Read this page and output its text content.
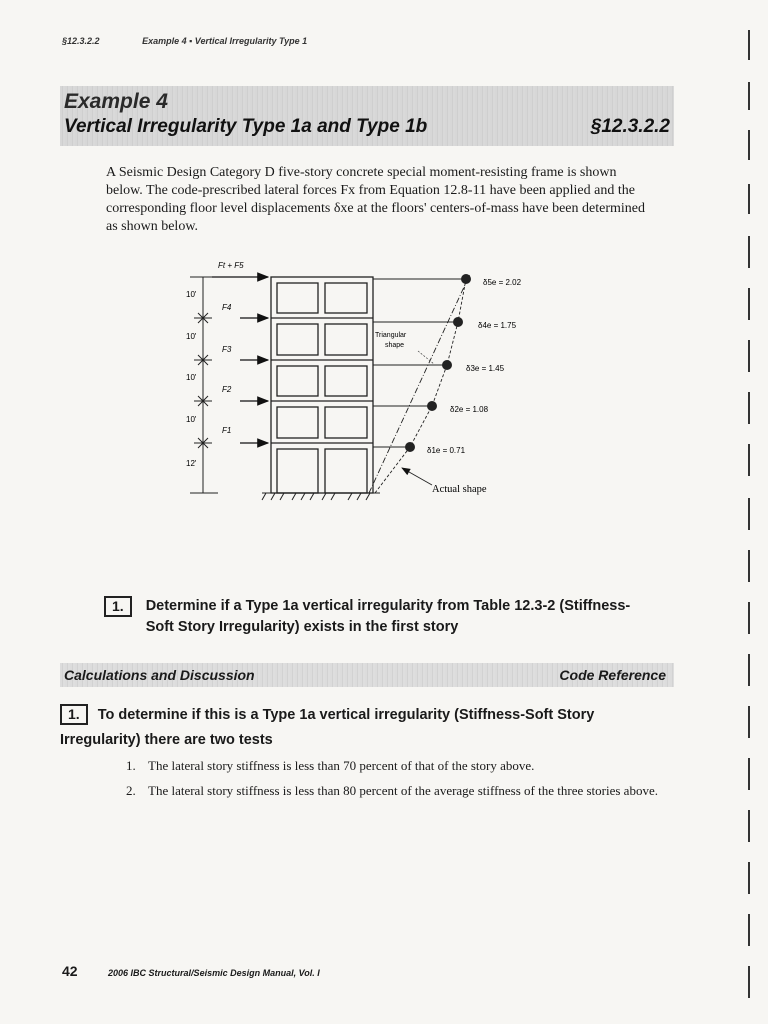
§12.3.2.2	Example 4 ▪ Vertical Irregularity Type 1
Example 4
Vertical Irregularity Type 1a and Type 1b	§12.3.2.2
A Seismic Design Category D five-story concrete special moment-resisting frame is shown below. The code-prescribed lateral forces Fx from Equation 12.8-11 have been applied and the corresponding floor level displacements δxe at the floors' centers-of-mass have been determined as shown below.
10'
10'
10'
10'
12'
Ft + F5
F4
F3
F2
F1
δ5e = 2.02
δ4e = 1.75
δ3e = 1.45
δ2e = 1.08
δ1e = 0.71
Triangular
shape
Actual shape
1. Determine if a Type 1a vertical irregularity from Table 12.3-2 (Stiffness-Soft Story Irregularity) exists in the first story
Calculations and Discussion	Code Reference
1. To determine if this is a Type 1a vertical irregularity (Stiffness-Soft Story Irregularity) there are two tests
1. The lateral story stiffness is less than 70 percent of that of the story above.
2. The lateral story stiffness is less than 80 percent of the average stiffness of the three stories above.
42	2006 IBC Structural/Seismic Design Manual, Vol. I
